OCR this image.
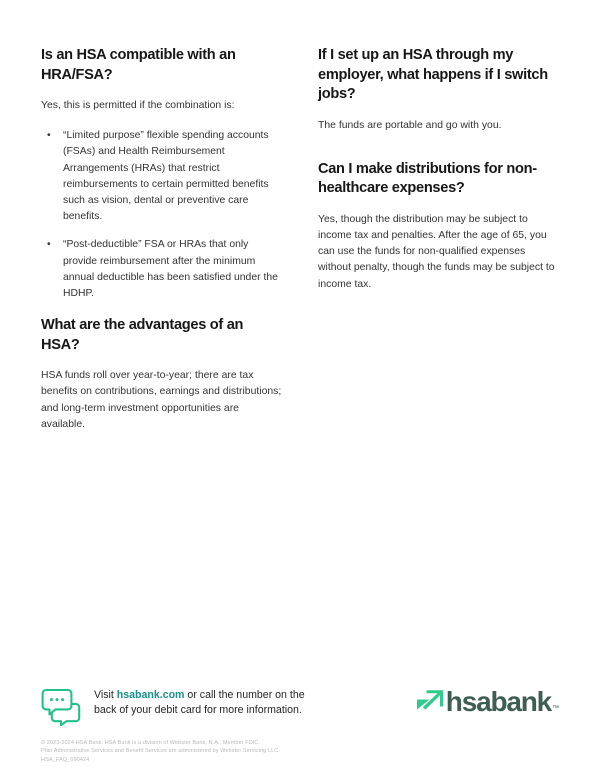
Is an HSA compatible with an HRA/FSA?

Yes, this is permitted if the combination is:

• “Limited purpose” flexible spending accounts (FSAs) and Health Reimbursement Arrangements (HRAs) that restrict reimbursements to certain permitted benefits such as vision, dental or preventive care benefits.
• “Post-deductible” FSA or HRAs that only provide reimbursement after the minimum annual deductible has been satisfied under the HDHP.
What are the advantages of an HSA?

HSA funds roll over year-to-year; there are tax benefits on contributions, earnings and distributions; and long-term investment opportunities are available.

If I set up an HSA through my employer, what happens if I switch jobs?

The funds are portable and go with you.

Can I make distributions for non-healthcare expenses?

Yes, though the distribution may be subject to income tax and penalties. After the age of 65, you can use the funds for non-qualified expenses without penalty, though the funds may be subject to income tax.

Visit hsabank.com or call the number on the back of your debit card for more information.	hsabank ™
© 2023-2024 HSA Bank. HSA Bank is a division of Webster Bank, N.A., Member FDIC.
Plan Administrative Services and Benefit Services are administered by Webster Servicing LLC.
HSA_FAQ_090424
